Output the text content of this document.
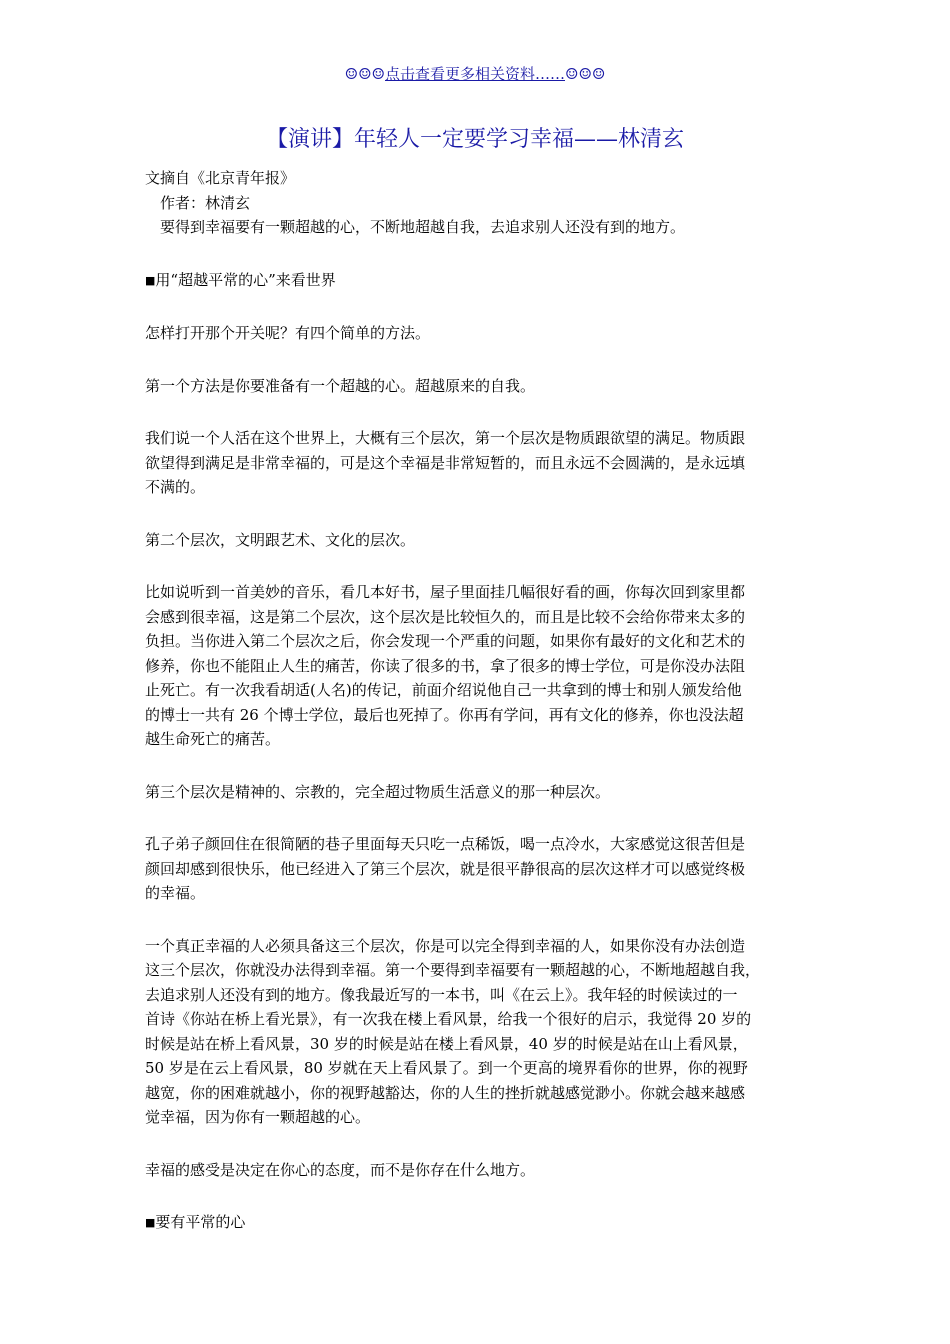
☺☺☺点击查看更多相关资料……☺☺☺
【演讲】年轻人一定要学习幸福——林清玄
文摘自《北京青年报》
作者：林清玄
要得到幸福要有一颗超越的心，不断地超越自我，去追求别人还没有到的地方。
■用“超越平常的心”来看世界
怎样打开那个开关呢？有四个简单的方法。
第一个方法是你要准备有一个超越的心。超越原来的自我。
我们说一个人活在这个世界上，大概有三个层次，第一个层次是物质跟欲望的满足。物质跟
欲望得到满足是非常幸福的，可是这个幸福是非常短暂的，而且永远不会圆满的，是永远填
不满的。
第二个层次，文明跟艺术、文化的层次。
比如说听到一首美妙的音乐，看几本好书，屋子里面挂几幅很好看的画，你每次回到家里都
会感到很幸福，这是第二个层次，这个层次是比较恒久的，而且是比较不会给你带来太多的
负担。当你进入第二个层次之后，你会发现一个严重的问题，如果你有最好的文化和艺术的
修养，你也不能阻止人生的痛苦，你读了很多的书，拿了很多的博士学位，可是你没办法阻
止死亡。有一次我看胡适(人名)的传记，前面介绍说他自己一共拿到的博士和别人颁发给他
的博士一共有 26 个博士学位，最后也死掉了。你再有学问，再有文化的修养，你也没法超
越生命死亡的痛苦。
第三个层次是精神的、宗教的，完全超过物质生活意义的那一种层次。
孔子弟子颜回住在很简陋的巷子里面每天只吃一点稀饭，喝一点冷水，大家感觉这很苦但是
颜回却感到很快乐，他已经进入了第三个层次，就是很平静很高的层次这样才可以感觉终极
的幸福。
一个真正幸福的人必须具备这三个层次，你是可以完全得到幸福的人，如果你没有办法创造
这三个层次，你就没办法得到幸福。第一个要得到幸福要有一颗超越的心，不断地超越自我，
去追求别人还没有到的地方。像我最近写的一本书，叫《在云上》。我年轻的时候读过的一
首诗《你站在桥上看光景》，有一次我在楼上看风景，给我一个很好的启示，我觉得 20 岁的
时候是站在桥上看风景，30 岁的时候是站在楼上看风景，40 岁的时候是站在山上看风景，
50 岁是在云上看风景，80 岁就在天上看风景了。到一个更高的境界看你的世界，你的视野
越宽，你的困难就越小，你的视野越豁达，你的人生的挫折就越感觉渺小。你就会越来越感
觉幸福，因为你有一颗超越的心。
幸福的感受是决定在你心的态度，而不是你存在什么地方。
■要有平常的心
